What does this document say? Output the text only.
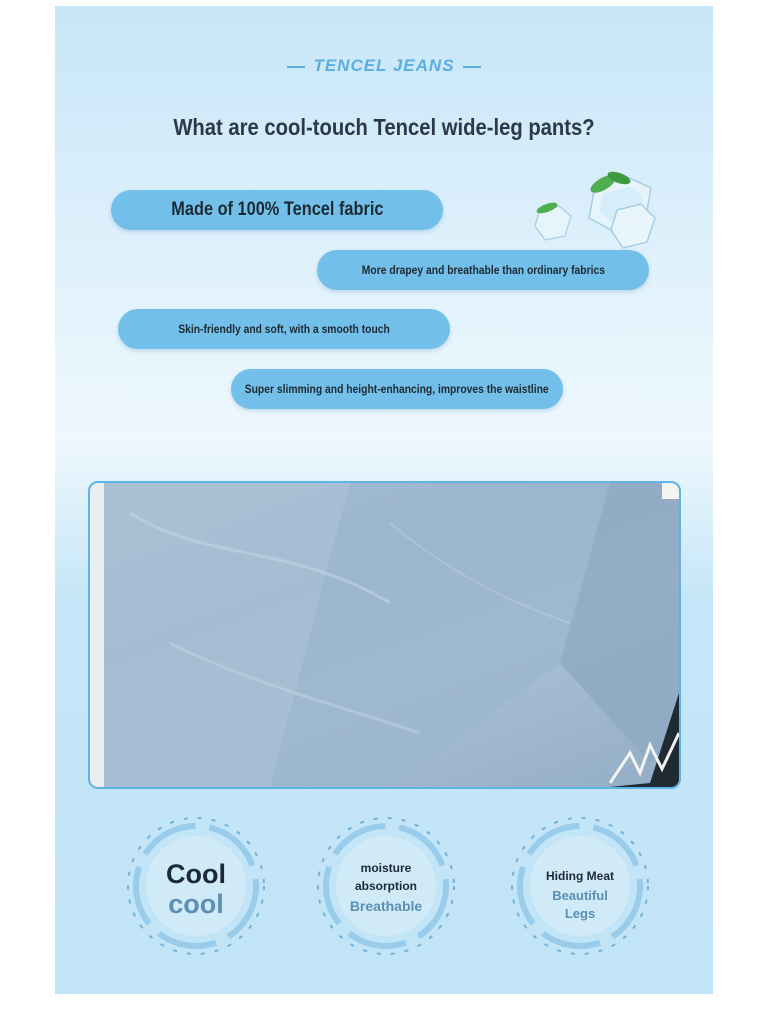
TENCEL JEANS
What are cool-touch Tencel wide-leg pants?
Made of 100% Tencel fabric
More drapey and breathable than ordinary fabrics
Skin-friendly and soft, with a smooth touch
Super slimming and height-enhancing, improves the waistline
Cool
cool
moisture
absorption
Breathable
Hiding Meat
Beautiful
Legs
